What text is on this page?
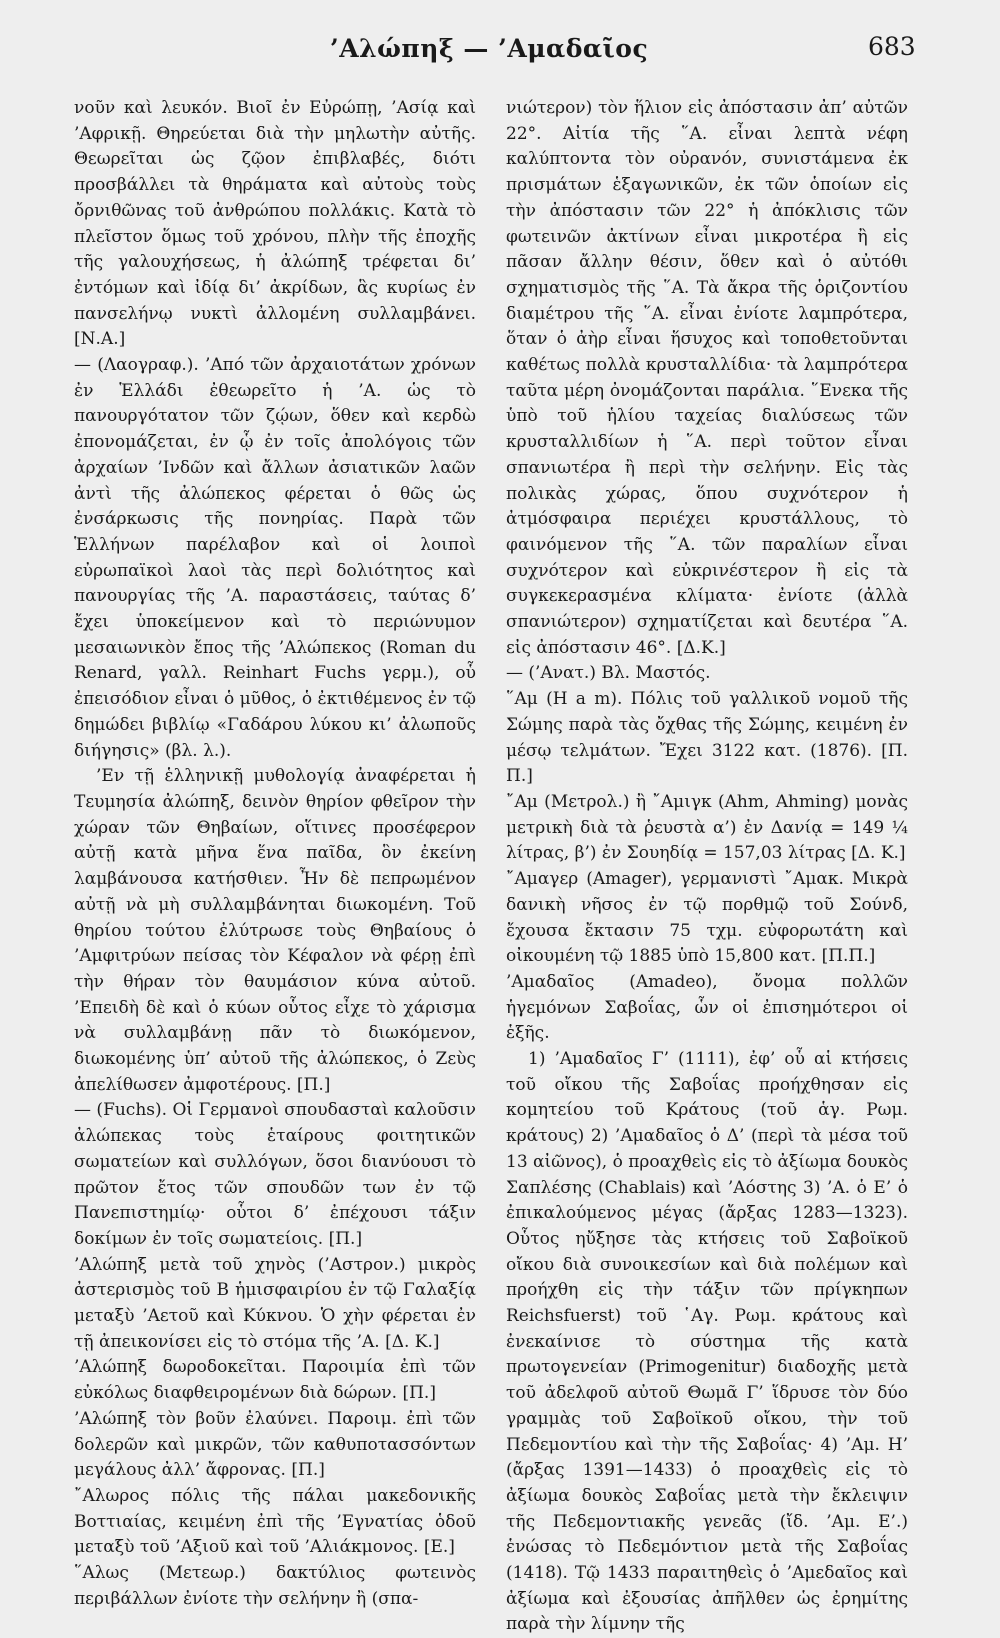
’Αλώπηξ — ’Αμαδαῖος	683

νοῦν καὶ λευκόν. Βιοῖ ἐν Εὐρώπῃ, ’Ασίᾳ καὶ ’Αφρικῇ. Θηρεύεται διὰ τὴν μηλωτὴν αὐτῆς. Θεωρεῖται ὡς ζῷον ἐπιβλαβές, διότι προσβάλλει τὰ θηράματα καὶ αὐτοὺς τοὺς ὄρνιθῶνας τοῦ ἀνθρώπου πολλάκις. Κατὰ τὸ πλεῖστον ὅμως τοῦ χρόνου, πλὴν τῆς ἐποχῆς τῆς γαλουχήσεως, ἡ ἀλώπηξ τρέφεται δι’ ἐντόμων καὶ ἰδίᾳ δι’ ἀκρίδων, ἃς κυρίως ἐν πανσελήνῳ νυκτὶ ἀλλομένη συλλαμβάνει. [Ν.Α.]

— (Λαογραφ.). ’Από τῶν ἀρχαιοτάτων χρόνων ἐν Ἑλλάδι ἐθεωρεῖτο ἡ ’Α. ὡς τὸ πανουργότατον τῶν ζῴων, ὅθεν καὶ κερδὼ ἐπονομάζεται, ἐν ᾧ ἐν τοῖς ἀπολόγοις τῶν ἀρχαίων ’Ινδῶν καὶ ἄλλων ἀσιατικῶν λαῶν ἀντὶ τῆς ἀλώπεκος φέρεται ὁ θῶς ὡς ἐνσάρκωσις τῆς πονηρίας. Παρὰ τῶν Ἑλλήνων παρέλαβον καὶ οἱ λοιποὶ εὐρωπαϊκοὶ λαοὶ τὰς περὶ δολιότητος καὶ πανουργίας τῆς ’Α. παραστάσεις, ταύτας δ’ ἔχει ὑποκείμενον καὶ τὸ περιώνυμον μεσαιωνικὸν ἔπος τῆς ’Αλώπεκος (Roman du Renard, γαλλ. Reinhart Fuchs γερμ.), οὗ ἐπεισόδιον εἶναι ὁ μῦθος, ὁ ἐκτιθέμενος ἐν τῷ δημώδει βιβλίῳ «Γαδάρου λύκου κι’ ἀλωποῦς διήγησις» (βλ. λ.).

’Εν τῇ ἑλληνικῇ μυθολογίᾳ ἀναφέρεται ἡ Τευμησία ἀλώπηξ, δεινὸν θηρίον φθεῖρον τὴν χώραν τῶν Θηβαίων, οἵτινες προσέφερον αὐτῇ κατὰ μῆνα ἕνα παῖδα, ὃν ἐκείνη λαμβάνουσα κατήσθιεν. Ἦν δὲ πεπρωμένον αὐτῇ νὰ μὴ συλλαμβάνηται διωκομένη. Τοῦ θηρίου τούτου ἐλύτρωσε τοὺς Θηβαίους ὁ ’Αμφιτρύων πείσας τὸν Κέφαλον νὰ φέρῃ ἐπὶ τὴν θήραν τὸν θαυμάσιον κύνα αὐτοῦ. ’Επειδὴ δὲ καὶ ὁ κύων οὗτος εἶχε τὸ χάρισμα νὰ συλλαμβάνῃ πᾶν τὸ διωκόμενον, διωκομένης ὑπ’ αὐτοῦ τῆς ἀλώπεκος, ὁ Ζεὺς ἀπελίθωσεν ἀμφοτέρους. [Π.]

— (Fuchs). Οἱ Γερμανοὶ σπουδασταὶ καλοῦσιν ἀλώπεκας τοὺς ἑταίρους φοιτητικῶν σωματείων καὶ συλλόγων, ὅσοι διανύουσι τὸ πρῶτον ἔτος τῶν σπουδῶν των ἐν τῷ Πανεπιστημίῳ· οὗτοι δ’ ἐπέχουσι τάξιν δοκίμων ἐν τοῖς σωματείοις. [Π.]

’Αλώπηξ μετὰ τοῦ χηνὸς (’Αστρον.) μικρὸς ἀστερισμὸς τοῦ Β ἡμισφαιρίου ἐν τῷ Γαλαξίᾳ μεταξὺ ’Αετοῦ καὶ Κύκνου. Ὁ χὴν φέρεται ἐν τῇ ἀπεικονίσει εἰς τὸ στόμα τῆς ’Α. [Δ. Κ.]

’Αλώπηξ δωροδοκεῖται. Παροιμία ἐπὶ τῶν εὐκόλως διαφθειρομένων διὰ δώρων. [Π.]

’Αλώπηξ τὸν βοῦν ἐλαύνει. Παροιμ. ἐπὶ τῶν δολερῶν καὶ μικρῶν, τῶν καθυποτασσόντων μεγάλους ἀλλ’ ἄφρονας. [Π.]

῎Αλωρος πόλις τῆς πάλαι μακεδονικῆς Βοττιαίας, κειμένη ἐπὶ τῆς ’Εγνατίας ὁδοῦ μεταξὺ τοῦ ’Αξιοῦ καὶ τοῦ ’Αλιάκμονος. [Ε.]

῞Αλως (Μετεωρ.) δακτύλιος φωτεινὸς περιβάλλων ἐνίοτε τὴν σελήνην ἢ (σπα-

νιώτερον) τὸν ἥλιον εἰς ἀπόστασιν ἀπ’ αὐτῶν 22°. Αἰτία τῆς ῞Α. εἶναι λεπτὰ νέφη καλύπτοντα τὸν οὐρανόν, συνιστάμενα ἐκ πρισμάτων ἑξαγωνικῶν, ἐκ τῶν ὁποίων εἰς τὴν ἀπόστασιν τῶν 22° ἡ ἀπόκλισις τῶν φωτεινῶν ἀκτίνων εἶναι μικροτέρα ἢ εἰς πᾶσαν ἄλλην θέσιν, ὅθεν καὶ ὁ αὐτόθι σχηματισμὸς τῆς ῞Α. Τὰ ἄκρα τῆς ὁριζοντίου διαμέτρου τῆς ῞Α. εἶναι ἐνίοτε λαμπρότερα, ὅταν ὁ ἀὴρ εἶναι ἥσυχος καὶ τοποθετοῦνται καθέτως πολλὰ κρυσταλλίδια· τὰ λαμπρότερα ταῦτα μέρη ὀνομάζονται παράλια. ῞Ενεκα τῆς ὑπὸ τοῦ ἡλίου ταχείας διαλύσεως τῶν κρυσταλλιδίων ἡ ῞Α. περὶ τοῦτον εἶναι σπανιωτέρα ἢ περὶ τὴν σελήνην. Εἰς τὰς πολικὰς χώρας, ὅπου συχνότερον ἡ ἀτμόσφαιρα περιέχει κρυστάλλους, τὸ φαινόμενον τῆς ῞Α. τῶν παραλίων εἶναι συχνότερον καὶ εὐκρινέστερον ἢ εἰς τὰ συγκεκερασμένα κλίματα· ἐνίοτε (ἀλλὰ σπανιώτερον) σχηματίζεται καὶ δευτέρα ῞Α. εἰς ἀπόστασιν 46°. [Δ.Κ.]

— (’Ανατ.) Βλ. Μαστός.

῞Αμ (H a m). Πόλις τοῦ γαλλικοῦ νομοῦ τῆς Σώμης παρὰ τὰς ὄχθας τῆς Σώμης, κειμένη ἐν μέσῳ τελμάτων. Ἔχει 3122 κατ. (1876). [Π. Π.]

῎Αμ (Μετρολ.) ἢ ῎Αμιγκ (Ahm, Ahming) μονὰς μετρικὴ διὰ τὰ ῥευστὰ α’) ἐν Δανίᾳ = 149 ¼ λίτρας, β’) ἐν Σουηδίᾳ = 157,03 λίτρας [Δ. Κ.]

῎Αμαγερ (Amager), γερμανιστὶ ῎Αμακ. Μικρὰ δανικὴ νῆσος ἐν τῷ πορθμῷ τοῦ Σούνδ, ἔχουσα ἔκτασιν 75 τχμ. εὐφορωτάτη καὶ οἰκουμένη τῷ 1885 ὑπὸ 15,800 κατ. [Π.Π.]

’Αμαδαῖος (Amadeo), ὄνομα πολλῶν ἡγεμόνων Σαβοΐας, ὧν οἱ ἐπισημότεροι οἱ ἑξῆς.

1) ’Αμαδαῖος Γ’ (1111), ἐφ’ οὗ αἱ κτήσεις τοῦ οἴκου τῆς Σαβοΐας προήχθησαν εἰς κομητείου τοῦ Κράτους (τοῦ ἁγ. Ρωμ. κράτους) 2) ’Αμαδαῖος ὁ Δ’ (περὶ τὰ μέσα τοῦ 13 αἰῶνος), ὁ προαχθεὶς εἰς τὸ ἀξίωμα δουκὸς Σαπλέσης (Chablais) καὶ ’Αόστης 3) ’Α. ὁ Ε’ ὁ ἐπικαλούμενος μέγας (ἄρξας 1283—1323). Οὗτος ηὔξησε τὰς κτήσεις τοῦ Σαβοϊκοῦ οἴκου διὰ συνοικεσίων καὶ διὰ πολέμων καὶ προήχθη εἰς τὴν τάξιν τῶν πρίγκηπων Reichsfuerst) τοῦ ῾Αγ. Ρωμ. κράτους καὶ ἐνεκαίνισε τὸ σύστημα τῆς κατὰ πρωτογενείαν (Primogenitur) διαδοχῆς μετὰ τοῦ ἀδελφοῦ αὐτοῦ Θωμᾶ Γ’ ἵδρυσε τὸν δύο γραμμὰς τοῦ Σαβοϊκοῦ οἴκου, τὴν τοῦ Πεδεμοντίου καὶ τὴν τῆς Σαβοΐας· 4) ’Αμ. Η’ (ἄρξας 1391—1433) ὁ προαχθεὶς εἰς τὸ ἀξίωμα δουκὸς Σαβοΐας μετὰ τὴν ἔκλειψιν τῆς Πεδεμοντιακῆς γενεᾶς (ἴδ. ’Αμ. Ε’.) ἑνώσας τὸ Πεδεμόντιον μετὰ τῆς Σαβοΐας (1418). Τῷ 1433 παραιτηθεὶς ὁ ’Αμεδαῖος καὶ ἀξίωμα καὶ ἐξουσίας ἀπῆλθεν ὡς ἐρημίτης παρὰ τὴν λίμνην τῆς
